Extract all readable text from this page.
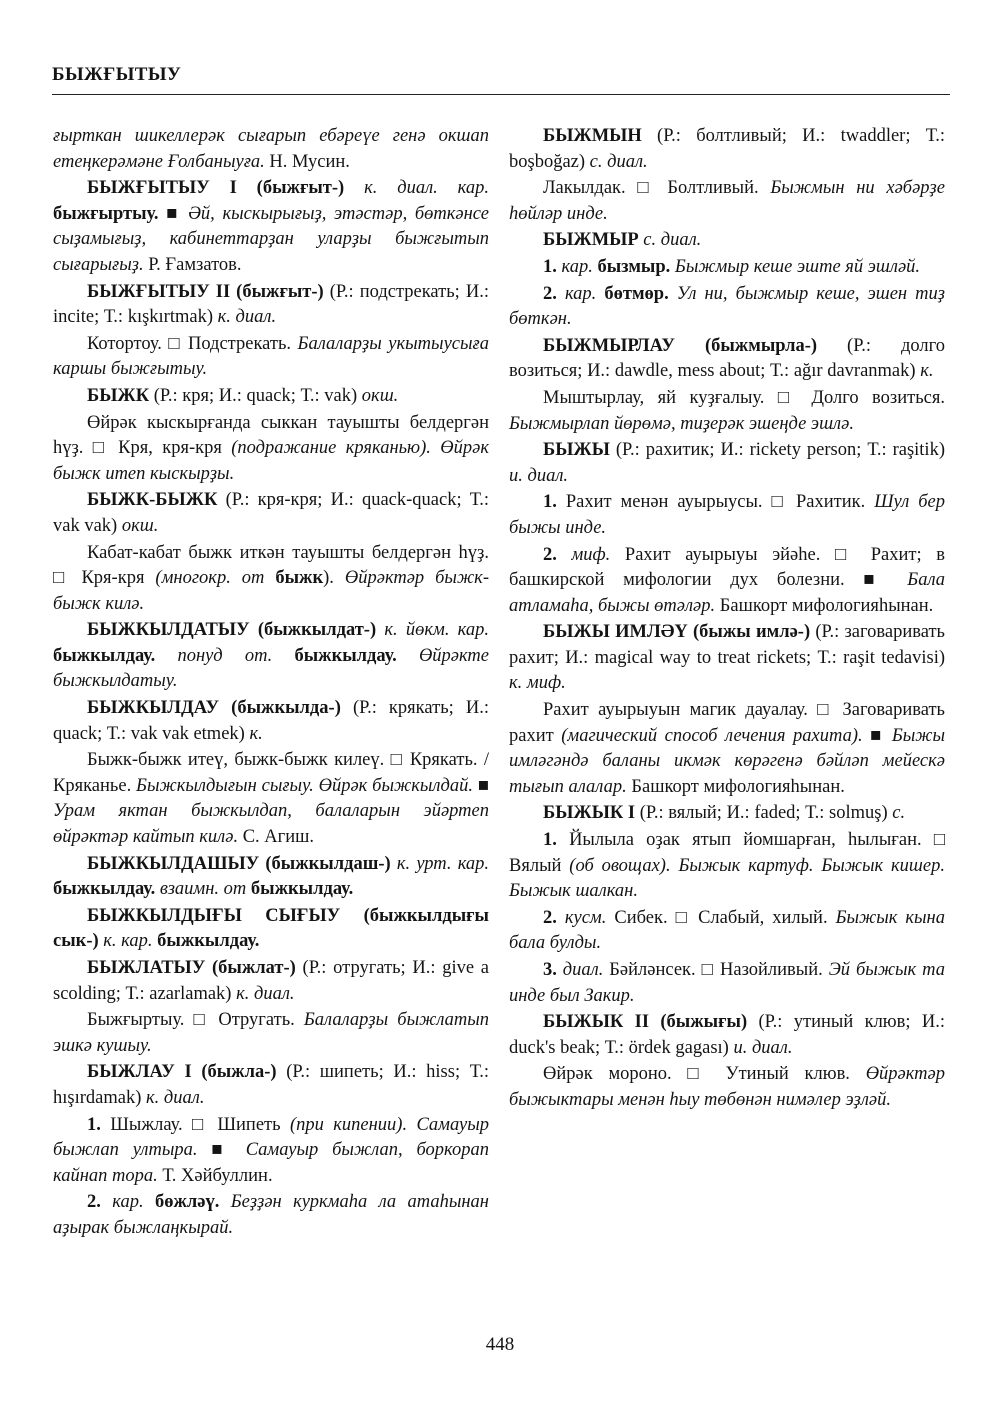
БЫЖҒЫТЫУ

ғырткан шикеллерәк сығарып ебәреүе генә окшап етеңкерәмәне Ғолбаныуға. Н. Мусин.

БЫЖҒЫТЫУ I (быжғыт-) к. диал. кар. быжғыртыу. ■ Әй, кыскырығыҙ, этәстәр, бөткәнсе сыҙамығыҙ, кабинеттарҙан уларҙы быжғытып сығарығыҙ. Р. Ғамзатов.

БЫЖҒЫТЫУ II (быжғыт-) (Р.: подстрекать; И.: incite; Т.: kışkırtmak) к. диал.

Котортоу. □ Подстрекать. Балаларҙы укытыусыға каршы быжғытыу.

БЫЖК (Р.: кря; И.: quack; Т.: vak) окш.

Өйрәк кыскырғанда сыккан тауышты белдергән һүҙ. □ Кря, кря-кря (подражание кряканью). Өйрәк быжк итеп кыскырҙы.

БЫЖК-БЫЖК (Р.: кря-кря; И.: quack-quack; Т.: vak vak) окш.

Кабат-кабат быжк иткән тауышты белдергән һүҙ. □ Кря-кря (многокр. от быжк). Өйрәктәр быжк-быжк килә.

БЫЖКЫЛДАТЫУ (быжкылдат-) к. йөкм. кар. быжкылдау. понуд от. быжкылдау. Өйрәкте быжкылдатыу.

БЫЖКЫЛДАУ (быжкылда-) (Р.: крякать; И.: quack; Т.: vak vak etmek) к.

Быжк-быжк итеү, быжк-быжк килеү. □ Крякать. / Кряканье. Быжкылдығын сығыу. Өйрәк быжкылдай. ■ Урам яктан быжкылдап, балаларын эйәртеп өйрәктәр кайтып килә. С. Агиш.

БЫЖКЫЛДАШЫУ (быжкылдаш-) к. урт. кар. быжкылдау. взаимн. от быжкылдау.

БЫЖКЫЛДЫҒЫ СЫҒЫУ (быжкылдығы сык-) к. кар. быжкылдау.

БЫЖЛАТЫУ (быжлат-) (Р.: отругать; И.: give a scolding; Т.: azarlamak) к. диал.

Быжғыртыу. □ Отругать. Балаларҙы быжлатып эшкә кушыу.

БЫЖЛАУ I (быжла-) (Р.: шипеть; И.: hiss; Т.: hışırdamak) к. диал.

1. Шыжлау. □ Шипеть (при кипении). Самауыр быжлап ултыра. ■ Самауыр быжлап, боркорап кайнап тора. Т. Хәйбуллин.

2. кар. бөжләү. Беҙҙән куркмаһа ла атаһынан аҙырак быжлаңкырай.

БЫЖМЫН (Р.: болтливый; И.: twaddler; Т.: boşboğaz) с. диал.

Лакылдак. □ Болтливый. Быжмын ни хәбәрҙе һөйләр инде.

БЫЖМЫР с. диал.

1. кар. бызмыр. Быжмыр кеше эште яй эшләй.

2. кар. бөтмөр. Ул ни, быжмыр кеше, эшен тиҙ бөткән.

БЫЖМЫРЛАУ (быжмырла-) (Р.: долго возиться; И.: dawdle, mess about; Т.: ağır davranmak) к.

Мыштырлау, яй куҙғалыу. □ Долго возиться. Быжмырлап йөрөмә, тиҙерәк эшеңде эшлә.

БЫЖЫ (Р.: рахитик; И.: rickety person; Т.: raşitik) и. диал.

1. Рахит менән ауырыусы. □ Рахитик. Шул бер быжы инде.

2. миф. Рахит ауырыуы эйәһе. □ Рахит; в башкирской мифологии дух болезни. ■ Бала атламаһа, быжы өтәләр. Башкорт мифологияһынан.

БЫЖЫ ИМЛӘҮ (быжы имлә-) (Р.: заговаривать рахит; И.: magical way to treat rickets; Т.: raşit tedavisi) к. миф.

Рахит ауырыуын магик дауалау. □ Заговаривать рахит (магический способ лечения рахита). ■ Быжы имләгәндә баланы икмәк көрәгенә бәйләп мейескә тығып алалар. Башкорт мифологияһынан.

БЫЖЫК I (Р.: вялый; И.: faded; Т.: solmuş) с.

1. Йылыла оҙак ятып йомшарған, һылыған. □ Вялый (об овощах). Быжык картуф. Быжык кишер. Быжык шалкан.

2. кусм. Сибек. □ Слабый, хилый. Быжык кына бала булды.

3. диал. Бәйләнсек. □ Назойливый. Эй быжык та инде был Закир.

БЫЖЫК II (быжығы) (Р.: утиный клюв; И.: duck's beak; Т.: ördek gagası) и. диал.

Өйрәк мороно. □ Утиный клюв. Өйрәктәр быжыктары менән һыу төбөнән нимәлер эҙләй.

448
